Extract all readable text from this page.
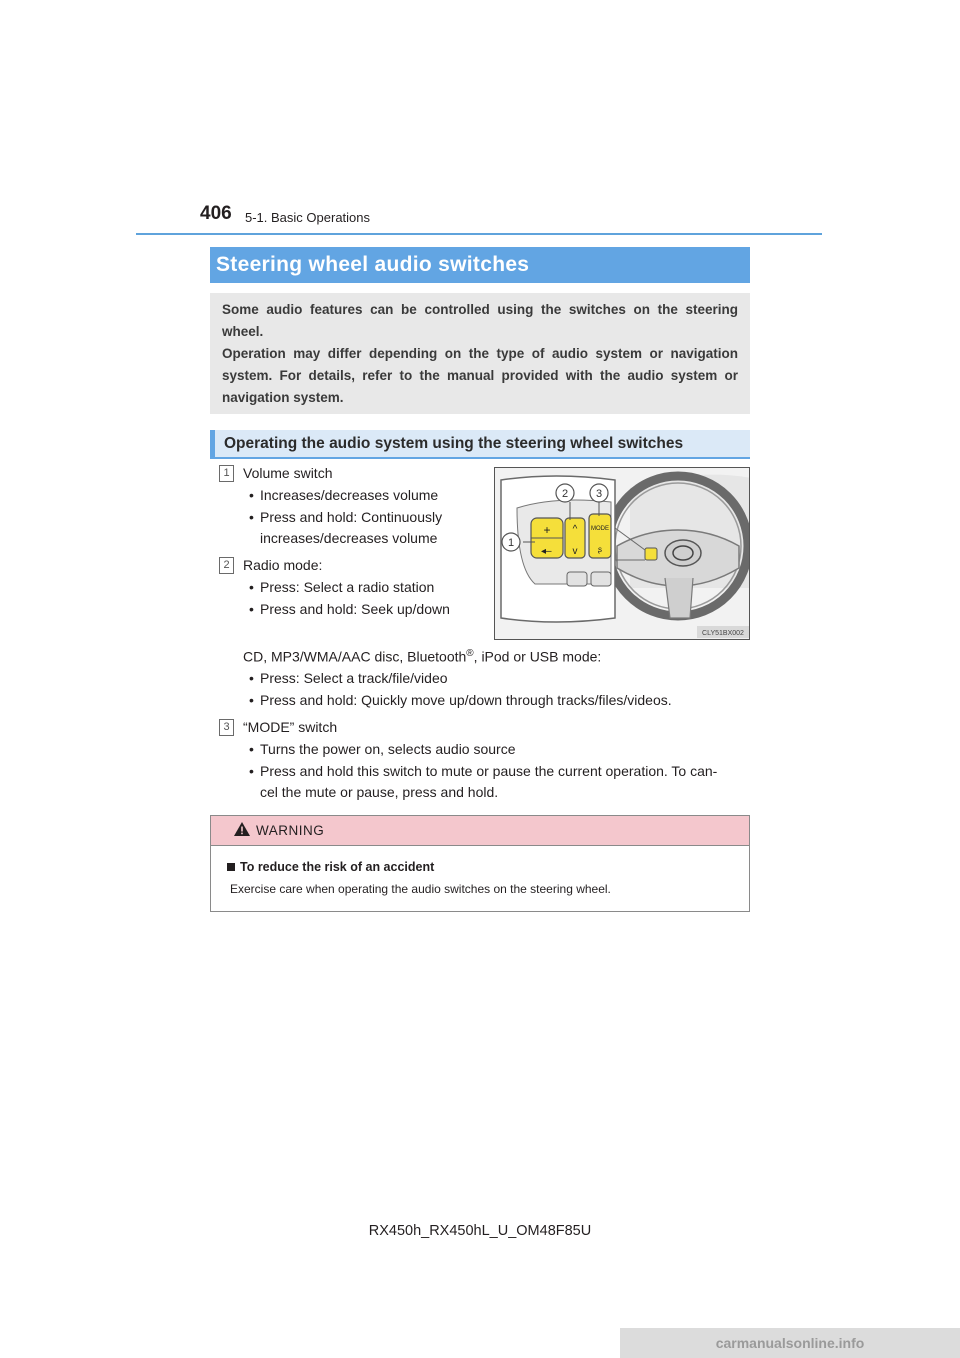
406 5-1. Basic Operations
Steering wheel audio switches

Some audio features can be controlled using the switches on the steering wheel.

Operation may differ depending on the type of audio system or navigation system. For details, refer to the manual provided with the audio system or navigation system.

Operating the audio system using the steering wheel switches
1 Volume switch
• Increases/decreases volume
• Press and hold: Continuously
increases/decreases volume
2 Radio mode:
• Press: Select a radio station
• Press and hold: Seek up/down
CD, MP3/WMA/AAC disc, Bluetooth®, iPod or USB mode:
• Press: Select a track/file/video
• Press and hold: Quickly move up/down through tracks/files/videos.
3 “MODE” switch
• Turns the power on, selects audio source
• Press and hold this switch to mute or pause the current operation. To can-
cel the mute or pause, press and hold.
+
◂–
^
v
MODE
ʂ
1
2	3
CLY51BX002
WARNING
To reduce the risk of an accident
Exercise care when operating the audio switches on the steering wheel.
RX450h_RX450hL_U_OM48F85U
carmanualsonline.info
